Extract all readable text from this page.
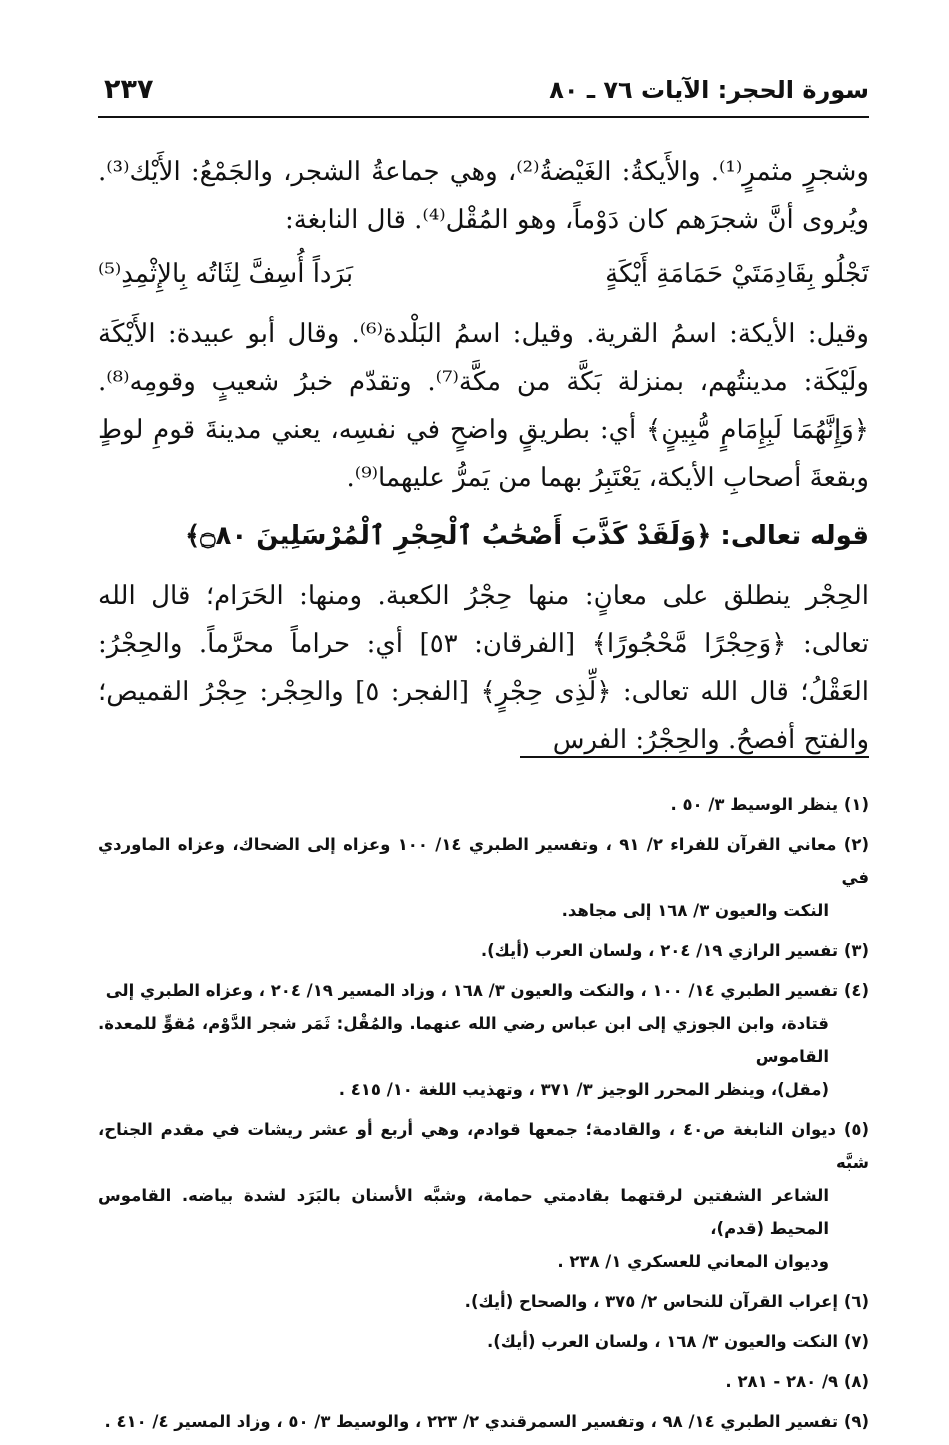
سورة الحجر: الآيات ٧٦ ـ ٨٠
٢٣٧

وشجرٍ مثمرٍ⁽¹⁾. والأَيكةُ: الغَيْضةُ⁽²⁾، وهي جماعةُ الشجر، والجَمْعُ: الأَيْك⁽³⁾. ويُروى أنَّ شجرَهم كان دَوْماً، وهو المُقْل⁽⁴⁾. قال النابغة:

تَجْلُو بِقَادِمَتَيْ حَمَامَةِ أَيْكَةٍ
بَرَداً أُسِفَّ لِثَاتُه بِالإِثْمِدِ⁽⁵⁾

وقيل: الأيكة: اسمُ القرية. وقيل: اسمُ البَلْدة⁽⁶⁾. وقال أبو عبيدة: الأَيْكَة ولَيْكَة: مدينتُهم، بمنزلة بَكَّة من مكَّة⁽⁷⁾. وتقدّم خبرُ شعيبٍ وقومِه⁽⁸⁾. ﴿وَإِنَّهُمَا لَبِإِمَامٍ مُّبِينٍ﴾ أي: بطريقٍ واضحٍ في نفسِه، يعني مدينةَ قومِ لوطٍ وبقعةَ أصحابِ الأيكة، يَعْتَبِرُ بهما من يَمرُّ عليهما⁽⁹⁾.

قوله تعالى: ﴿وَلَقَدْ كَذَّبَ أَصْحَٰبُ ٱلْحِجْرِ ٱلْمُرْسَلِينَ ۝٨٠﴾

الحِجْر ينطلق على معانٍ: منها حِجْرُ الكعبة. ومنها: الحَرَام؛ قال الله تعالى: ﴿وَحِجْرًا مَّحْجُورًا﴾ [الفرقان: ٥٣] أي: حراماً محرَّماً. والحِجْرُ: العَقْلُ؛ قال الله تعالى: ﴿لِّذِى حِجْرٍ﴾ [الفجر: ٥] والحِجْر: حِجْرُ القميص؛ والفتح أفصحُ. والحِجْرُ: الفرس

(١) ينظر الوسيط ٣/ ٥٠ .

(٢) معاني القرآن للفراء ٢/ ٩١ ، وتفسير الطبري ١٤/ ١٠٠ وعزاه إلى الضحاك، وعزاه الماوردي في
النكت والعيون ٣/ ١٦٨ إلى مجاهد.

(٣) تفسير الرازي ١٩/ ٢٠٤ ، ولسان العرب (أيك).

(٤) تفسير الطبري ١٤/ ١٠٠ ، والنكت والعيون ٣/ ١٦٨ ، وزاد المسير ١٩/ ٢٠٤ ، وعزاه الطبري إلى
قتادة، وابن الجوزي إلى ابن عباس رضي الله عنهما. والمُقْل: ثَمَر شجر الدَّوْم، مُقوٍّ للمعدة. القاموس
(مقل)، وينظر المحرر الوجيز ٣/ ٣٧١ ، وتهذيب اللغة ١٠/ ٤١٥ .

(٥) ديوان النابغة ص٤٠ ، والقادمة؛ جمعها قوادم، وهي أربع أو عشر ريشات في مقدم الجناح، شبَّه
الشاعر الشفتين لرقتهما بقادمتي حمامة، وشبَّه الأسنان بالبَرَد لشدة بياضه. القاموس المحيط (قدم)،
وديوان المعاني للعسكري ١/ ٢٣٨ .

(٦) إعراب القرآن للنحاس ٢/ ٣٧٥ ، والصحاح (أيك).

(٧) النكت والعيون ٣/ ١٦٨ ، ولسان العرب (أيك).

(٨) ٩/ ٢٨٠ - ٢٨١ .

(٩) تفسير الطبري ١٤/ ٩٨ ، وتفسير السمرقندي ٢/ ٢٢٣ ، والوسيط ٣/ ٥٠ ، وزاد المسير ٤/ ٤١٠ .
